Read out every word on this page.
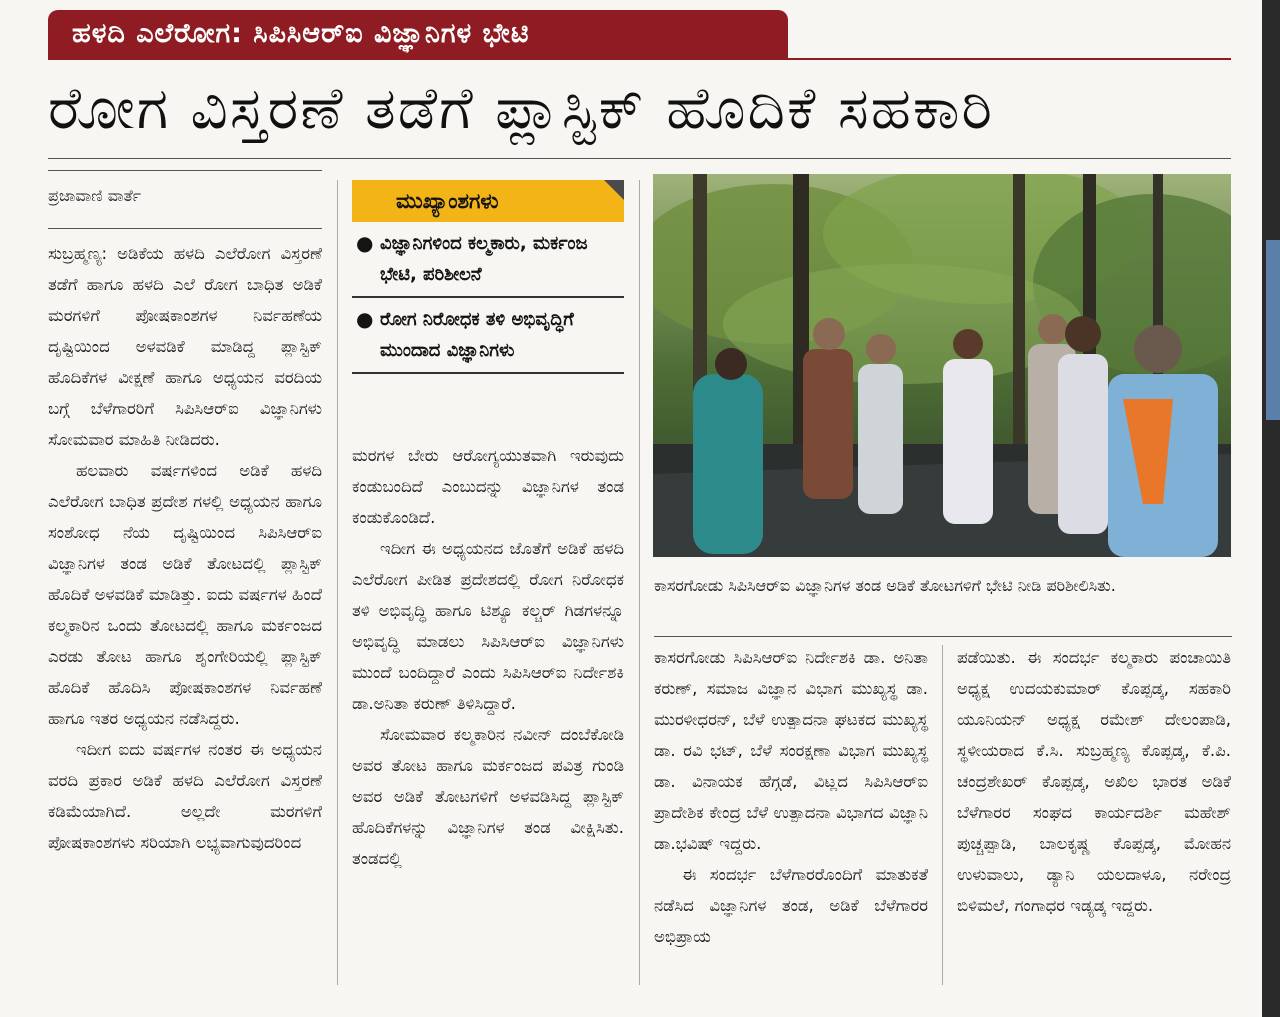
ಹಳದಿ ಎಲೆರೋಗ: ಸಿಪಿಸಿಆರ್‌ಐ ವಿಜ್ಞಾನಿಗಳ ಭೇಟಿ
ರೋಗ ವಿಸ್ತರಣೆ ತಡೆಗೆ ಪ್ಲಾಸ್ಟಿಕ್ ಹೊದಿಕೆ ಸಹಕಾರಿ
ಪ್ರಜಾವಾಣಿ ವಾರ್ತೆ

ಸುಬ್ರಹ್ಮಣ್ಯ: ಅಡಿಕೆಯ ಹಳದಿ ಎಲೆರೋಗ ವಿಸ್ತರಣೆ ತಡೆಗೆ ಹಾಗೂ ಹಳದಿ ಎಲೆ ರೋಗ ಬಾಧಿತ ಅಡಿಕೆ ಮರಗಳಿಗೆ ಪೋಷಕಾಂಶಗಳ ನಿರ್ವಹಣೆಯ ದೃಷ್ಟಿಯಿಂದ ಅಳವಡಿಕೆ ಮಾಡಿದ್ದ ಪ್ಲಾಸ್ಟಿಕ್ ಹೊದಿಕೆಗಳ ವೀಕ್ಷಣೆ ಹಾಗೂ ಅಧ್ಯಯನ ವರದಿಯ ಬಗ್ಗೆ ಬೆಳೆಗಾರರಿಗೆ ಸಿಪಿಸಿಆರ್‌ಐ ವಿಜ್ಞಾನಿಗಳು ಸೋಮವಾರ ಮಾಹಿತಿ ನೀಡಿದರು.

ಹಲವಾರು ವರ್ಷಗಳಿಂದ ಅಡಿಕೆ ಹಳದಿ ಎಲೆರೋಗ ಬಾಧಿತ ಪ್ರದೇಶ ಗಳಲ್ಲಿ ಅಧ್ಯಯನ ಹಾಗೂ ಸಂಶೋಧ ನೆಯ ದೃಷ್ಟಿಯಿಂದ ಸಿಪಿಸಿಆರ್‌ಐ ವಿಜ್ಞಾನಿಗಳ ತಂಡ ಅಡಿಕೆ ತೋಟದಲ್ಲಿ ಪ್ಲಾಸ್ಟಿಕ್ ಹೊದಿಕೆ ಅಳವಡಿಕೆ ಮಾಡಿತ್ತು. ಐದು ವರ್ಷಗಳ ಹಿಂದೆ ಕಲ್ಮಕಾರಿನ ಒಂದು ತೋಟದಲ್ಲಿ ಹಾಗೂ ಮರ್ಕಂಜದ ಎರಡು ತೋಟ ಹಾಗೂ ಶೃಂಗೇರಿಯಲ್ಲಿ ಪ್ಲಾಸ್ಟಿಕ್ ಹೊದಿಕೆ ಹೊದಿಸಿ ಪೋಷಕಾಂಶಗಳ ನಿರ್ವಹಣೆ ಹಾಗೂ ಇತರ ಅಧ್ಯಯನ ನಡೆಸಿದ್ದರು.

ಇದೀಗ ಐದು ವರ್ಷಗಳ ನಂತರ ಈ ಅಧ್ಯಯನ ವರದಿ ಪ್ರಕಾರ ಅಡಿಕೆ ಹಳದಿ ಎಲೆರೋಗ ವಿಸ್ತರಣೆ ಕಡಿಮೆಯಾಗಿದೆ. ಅಲ್ಲದೇ ಮರಗಳಿಗೆ ಪೋಷಕಾಂಶಗಳು ಸರಿಯಾಗಿ ಲಭ್ಯವಾಗುವುದರಿಂದ

ಮುಖ್ಯಾಂಶಗಳು
● ವಿಜ್ಞಾನಿಗಳಿಂದ ಕಲ್ಮಕಾರು, ಮರ್ಕಂಜ ಭೇಟಿ, ಪರಿಶೀಲನೆ
● ರೋಗ ನಿರೋಧಕ ತಳಿ ಅಭಿವೃದ್ಧಿಗೆ ಮುಂದಾದ ವಿಜ್ಞಾನಿಗಳು

ಮರಗಳ ಬೇರು ಆರೋಗ್ಯಯುತವಾಗಿ ಇರುವುದು ಕಂಡುಬಂದಿದೆ ಎಂಬುದನ್ನು ವಿಜ್ಞಾನಿಗಳ ತಂಡ ಕಂಡುಕೊಂಡಿದೆ.

ಇದೀಗ ಈ ಅಧ್ಯಯನದ ಜೊತೆಗೆ ಅಡಿಕೆ ಹಳದಿ ಎಲೆರೋಗ ಪೀಡಿತ ಪ್ರದೇಶದಲ್ಲಿ ರೋಗ ನಿರೋಧಕ ತಳಿ ಅಭಿವೃದ್ಧಿ ಹಾಗೂ ಟಿಶ್ಯೂ ಕಲ್ಚರ್ ಗಿಡಗಳನ್ನೂ ಅಭಿವೃದ್ಧಿ ಮಾಡಲು ಸಿಪಿಸಿಆರ್‌ಐ ವಿಜ್ಞಾನಿಗಳು ಮುಂದೆ ಬಂದಿದ್ದಾರೆ ಎಂದು ಸಿಪಿಸಿಆರ್‌ಐ ನಿರ್ದೇಶಕಿ ಡಾ.ಅನಿತಾ ಕರುಣ್ ತಿಳಿಸಿದ್ದಾರೆ.

ಸೋಮವಾರ ಕಲ್ಮಕಾರಿನ ನವೀನ್ ದಂಬೆಕೋಡಿ ಅವರ ತೋಟ ಹಾಗೂ ಮರ್ಕಂಜದ ಪವಿತ್ರ ಗುಂಡಿ ಅವರ ಅಡಿಕೆ ತೋಟಗಳಿಗೆ ಅಳವಡಿಸಿದ್ದ ಪ್ಲಾಸ್ಟಿಕ್ ಹೊದಿಕೆಗಳನ್ನು ವಿಜ್ಞಾನಿಗಳ ತಂಡ ವೀಕ್ಷಿಸಿತು. ತಂಡದಲ್ಲಿ

ಕಾಸರಗೋಡು ಸಿಪಿಸಿಆರ್‌ಐ ವಿಜ್ಞಾನಿಗಳ ತಂಡ ಅಡಿಕೆ ತೋಟಗಳಿಗೆ ಭೇಟಿ ನೀಡಿ ಪರಿಶೀಲಿಸಿತು.

ಕಾಸರಗೋಡು ಸಿಪಿಸಿಆರ್‌ಐ ನಿರ್ದೇಶಕಿ ಡಾ. ಅನಿತಾ ಕರುಣ್, ಸಮಾಜ ವಿಜ್ಞಾನ ವಿಭಾಗ ಮುಖ್ಯಸ್ಥ ಡಾ. ಮುರಳೀಧರನ್, ಬೆಳೆ ಉತ್ಪಾದನಾ ಘಟಕದ ಮುಖ್ಯಸ್ಥ ಡಾ. ರವಿ ಭಟ್, ಬೆಳೆ ಸಂರಕ್ಷಣಾ ವಿಭಾಗ ಮುಖ್ಯಸ್ಥ ಡಾ. ವಿನಾಯಕ ಹೆಗ್ಗಡೆ, ವಿಟ್ಲದ ಸಿಪಿಸಿಆರ್‌ಐ ಪ್ರಾದೇಶಿಕ ಕೇಂದ್ರ ಬೆಳೆ ಉತ್ಪಾದನಾ ವಿಭಾಗದ ವಿಜ್ಞಾನಿ ಡಾ.ಭವಿಷ್ ಇದ್ದರು.

ಈ ಸಂದರ್ಭ ಬೆಳೆಗಾರರೊಂದಿಗೆ ಮಾತುಕತೆ ನಡೆಸಿದ ವಿಜ್ಞಾನಿಗಳ ತಂಡ, ಅಡಿಕೆ ಬೆಳೆಗಾರರ ಅಭಿಪ್ರಾಯ

ಪಡೆಯಿತು. ಈ ಸಂದರ್ಭ ಕಲ್ಮಕಾರು ಪಂಚಾಯಿತಿ ಅಧ್ಯಕ್ಷ ಉದಯಕುಮಾರ್ ಕೊಪ್ಪಡ್ಕ, ಸಹಕಾರಿ ಯೂನಿಯನ್ ಅಧ್ಯಕ್ಷ ರಮೇಶ್ ದೇಲಂಪಾಡಿ, ಸ್ಥಳೀಯರಾದ ಕೆ.ಸಿ. ಸುಬ್ರಹ್ಮಣ್ಯ ಕೊಪ್ಪಡ್ಕ, ಕೆ.ಪಿ. ಚಂದ್ರಶೇಖರ್ ಕೊಪ್ಪಡ್ಕ, ಅಖಿಲ ಭಾರತ ಅಡಿಕೆ ಬೆಳೆಗಾರರ ಸಂಘದ ಕಾರ್ಯದರ್ಶಿ ಮಹೇಶ್ ಪುಚ್ಚಪ್ಪಾಡಿ, ಬಾಲಕೃಷ್ಣ ಕೊಪ್ಪಡ್ಕ, ಮೋಹನ ಉಳುವಾಲು, ಡ್ಯಾನಿ ಯಲದಾಳೂ, ನರೇಂದ್ರ ಬಿಳಿಮಲೆ, ಗಂಗಾಧರ ಇಡ್ಯಡ್ಕ ಇದ್ದರು.
